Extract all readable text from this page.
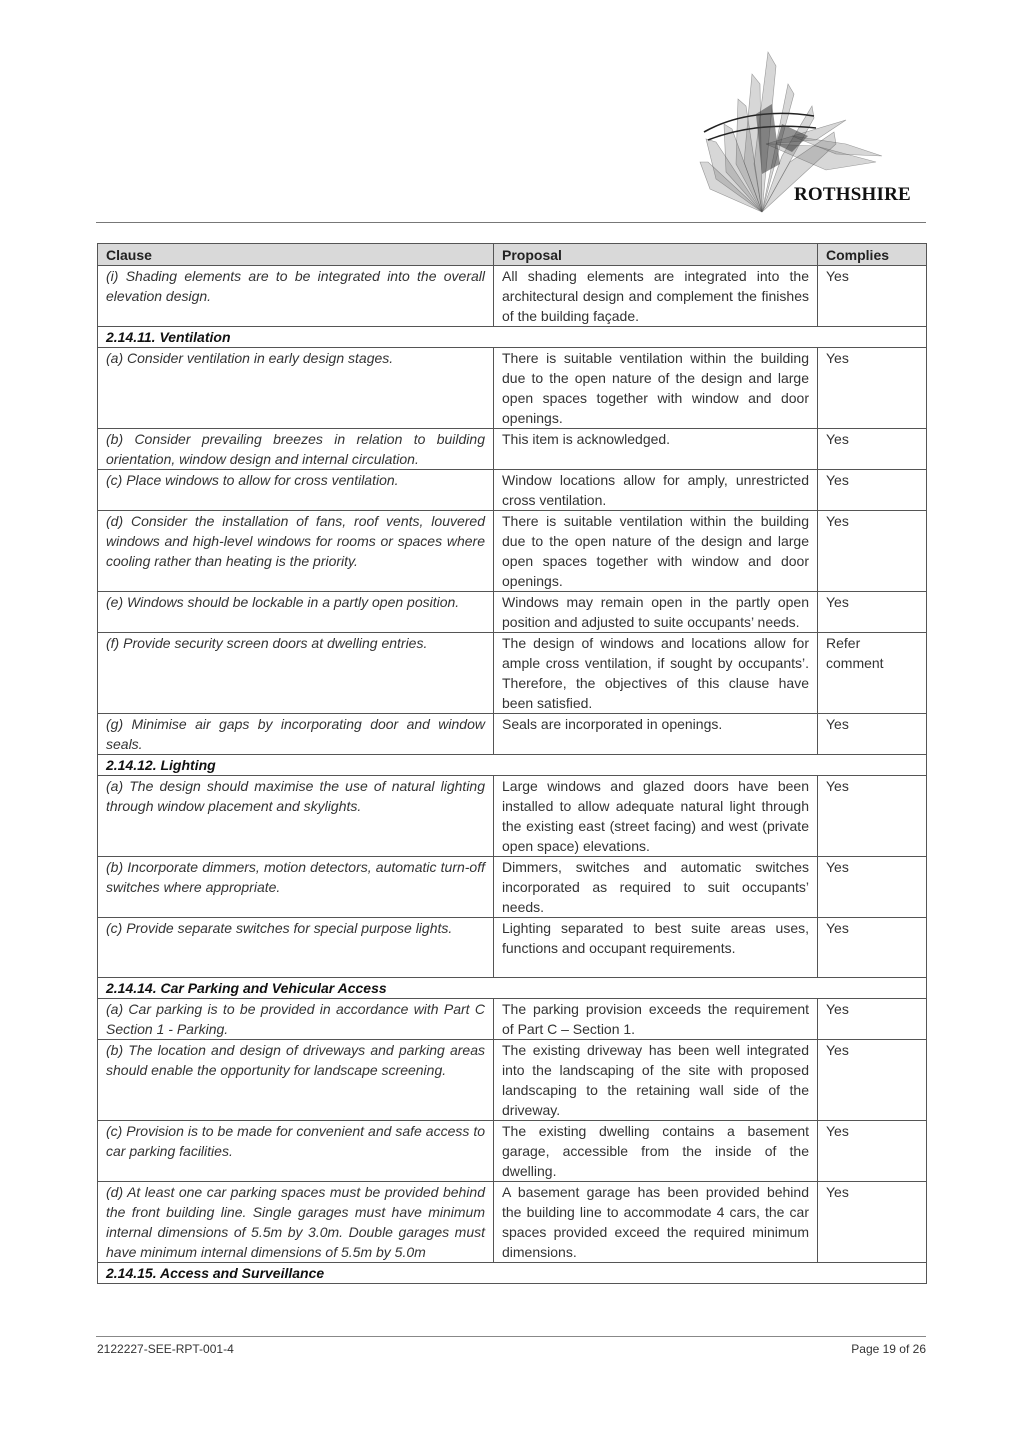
ROTHSHIRE
Clause	Proposal	Complies
(i) Shading elements are to be integrated into the overall elevation design.	All shading elements are integrated into the architectural design and complement the finishes of the building façade.	Yes
2.14.11. Ventilation		
(a) Consider ventilation in early design stages.	There is suitable ventilation within the building due to the open nature of the design and large open spaces together with window and door openings.	Yes
(b) Consider prevailing breezes in relation to building orientation, window design and internal circulation.	This item is acknowledged.	Yes
(c) Place windows to allow for cross ventilation.	Window locations allow for amply, unrestricted cross ventilation.	Yes
(d) Consider the installation of fans, roof vents, louvered windows and high-level windows for rooms or spaces where cooling rather than heating is the priority.	There is suitable ventilation within the building due to the open nature of the design and large open spaces together with window and door openings.	Yes
(e) Windows should be lockable in a partly open position.	Windows may remain open in the partly open position and adjusted to suite occupants’ needs.	Yes
(f) Provide security screen doors at dwelling entries.	The design of windows and locations allow for ample cross ventilation, if sought by occupants’. Therefore, the objectives of this clause have been satisfied.	Refer comment
(g) Minimise air gaps by incorporating door and window seals.	Seals are incorporated in openings.	Yes
2.14.12. Lighting		
(a) The design should maximise the use of natural lighting through window placement and skylights.	Large windows and glazed doors have been installed to allow adequate natural light through the existing east (street facing) and west (private open space) elevations.	Yes
(b) Incorporate dimmers, motion detectors, automatic turn-off switches where appropriate.	Dimmers, switches and automatic switches incorporated as required to suit occupants’ needs.	Yes
(c) Provide separate switches for special purpose lights.	Lighting separated to best suite areas uses, functions and occupant requirements.	Yes
2.14.14. Car Parking and Vehicular Access		
(a) Car parking is to be provided in accordance with Part C Section 1 - Parking.	The parking provision exceeds the requirement of Part C – Section 1.	Yes
(b) The location and design of driveways and parking areas should enable the opportunity for landscape screening.	The existing driveway has been well integrated into the landscaping of the site with proposed landscaping to the retaining wall side of the driveway.	Yes
(c) Provision is to be made for convenient and safe access to car parking facilities.	The existing dwelling contains a basement garage, accessible from the inside of the dwelling.	Yes
(d) At least one car parking spaces must be provided behind the front building line. Single garages must have minimum internal dimensions of 5.5m by 3.0m. Double garages must have minimum internal dimensions of 5.5m by 5.0m	A basement garage has been provided behind the building line to accommodate 4 cars, the car spaces provided exceed the required minimum dimensions.	Yes
2.14.15. Access and Surveillance		
2122227-SEE-RPT-001-4	Page 19 of 26
